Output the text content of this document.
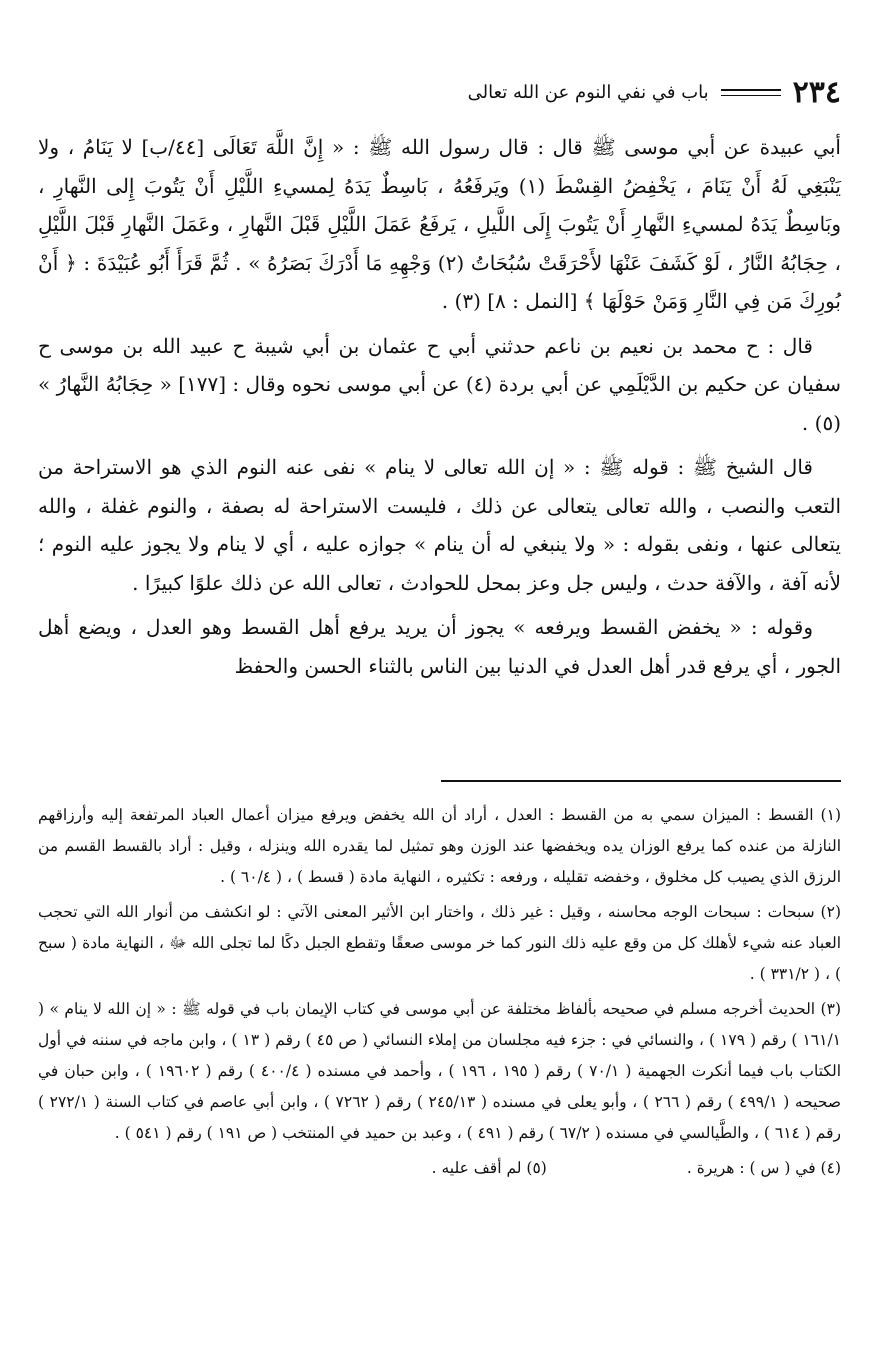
٢٣٤
باب في نفي النوم عن الله تعالى

أبي عبيدة عن أبي موسى ﷺ قال : قال رسول الله ﷺ : « إِنَّ اللَّهَ تَعَالَى [٤٤/ب] لا يَنَامُ ، ولا يَنْبَغِي لَهُ أَنْ يَنَامَ ، يَخْفِضُ القِسْطَ (١) ويَرفَعُهُ ، بَاسِطٌ يَدَهُ لِمسيءِ اللَّيْلِ أَنْ يَتُوبَ إِلى النَّهارِ ، وبَاسِطٌ يَدَهُ لمسيءِ النَّهارِ أَنْ يَتُوبَ إِلَى اللَّيلِ ، يَرفَعُ عَمَلَ اللَّيْلِ قَبْلَ النَّهارِ ، وعَمَلَ النَّهارِ قَبْلَ اللَّيْلِ ، حِجَابُهُ النَّارُ ، لَوْ كَشَفَ عَنْهَا لأَحْرَقَتْ سُبُحَاتُ (٢) وَجْهِهِ مَا أَدْرَكَ بَصَرُهُ » . ثُمَّ قَرَأَ أَبُو عُبَيْدَةَ : ﴿ أَنْ بُورِكَ مَن فِي النَّارِ وَمَنْ حَوْلَهَا ﴾ [النمل : ٨] (٣) .

قال : ح محمد بن نعيم بن ناعم حدثني أبي ح عثمان بن أبي شيبة ح عبيد الله بن موسى ح سفيان عن حكيم بن الدَّيْلَمِي عن أبي بردة (٤) عن أبي موسى نحوه وقال : [١٧٧] « حِجَابُهُ النَّهارُ » (٥) .

قال الشيخ ﷺ : قوله ﷺ : « إن الله تعالى لا ينام » نفى عنه النوم الذي هو الاستراحة من التعب والنصب ، والله تعالى يتعالى عن ذلك ، فليست الاستراحة له بصفة ، والنوم غفلة ، والله يتعالى عنها ، ونفى بقوله : « ولا ينبغي له أن ينام » جوازه عليه ، أي لا ينام ولا يجوز عليه النوم ؛ لأنه آفة ، والآفة حدث ، وليس جل وعز بمحل للحوادث ، تعالى الله عن ذلك علوًا كبيرًا .

وقوله : « يخفض القسط ويرفعه » يجوز أن يريد يرفع أهل القسط وهو العدل ، ويضع أهل الجور ، أي يرفع قدر أهل العدل في الدنيا بين الناس بالثناء الحسن والحفظ

(١) القسط : الميزان سمي به من القسط : العدل ، أراد أن الله يخفض ويرفع ميزان أعمال العباد المرتفعة إليه وأرزاقهم النازلة من عنده كما يرفع الوزان يده ويخفضها عند الوزن وهو تمثيل لما يقدره الله وينزله ، وقيل : أراد بالقسط القسم من الرزق الذي يصيب كل مخلوق ، وخفضه تقليله ، ورفعه : تكثيره ، النهاية مادة ( قسط ) ، ( ٦٠/٤ ) .

(٢) سبحات : سبحات الوجه محاسنه ، وقيل : غير ذلك ، واختار ابن الأثير المعنى الآتي : لو انكشف من أنوار الله التي تحجب العباد عنه شيء لأهلك كل من وقع عليه ذلك النور كما خر موسى صعقًا وتقطع الجبل دكًا لما تجلى الله ﷻ ، النهاية مادة ( سبح ) ، ( ٣٣١/٢ ) .

(٣) الحديث أخرجه مسلم في صحيحه بألفاظ مختلفة عن أبي موسى في كتاب الإيمان باب في قوله ﷺ : « إن الله لا ينام » ( ١٦١/١ ) رقم ( ١٧٩ ) ، والنسائي في : جزء فيه مجلسان من إملاء النسائي ( ص ٤٥ ) رقم ( ١٣ ) ، وابن ماجه في سننه في أول الكتاب باب فيما أنكرت الجهمية ( ٧٠/١ ) رقم ( ١٩٥ ، ١٩٦ ) ، وأحمد في مسنده ( ٤٠٠/٤ ) رقم ( ١٩٦٠٢ ) ، وابن حبان في صحيحه ( ٤٩٩/١ ) رقم ( ٢٦٦ ) ، وأبو يعلى في مسنده ( ٢٤٥/١٣ ) رقم ( ٧٢٦٢ ) ، وابن أبي عاصم في كتاب السنة ( ٢٧٢/١ ) رقم ( ٦١٤ ) ، والطَّيالسي في مسنده ( ٦٧/٢ ) رقم ( ٤٩١ ) ، وعبد بن حميد في المنتخب ( ص ١٩١ ) رقم ( ٥٤١ ) .

(٤) في ( س ) : هريرة .
(٥) لم أقف عليه .
